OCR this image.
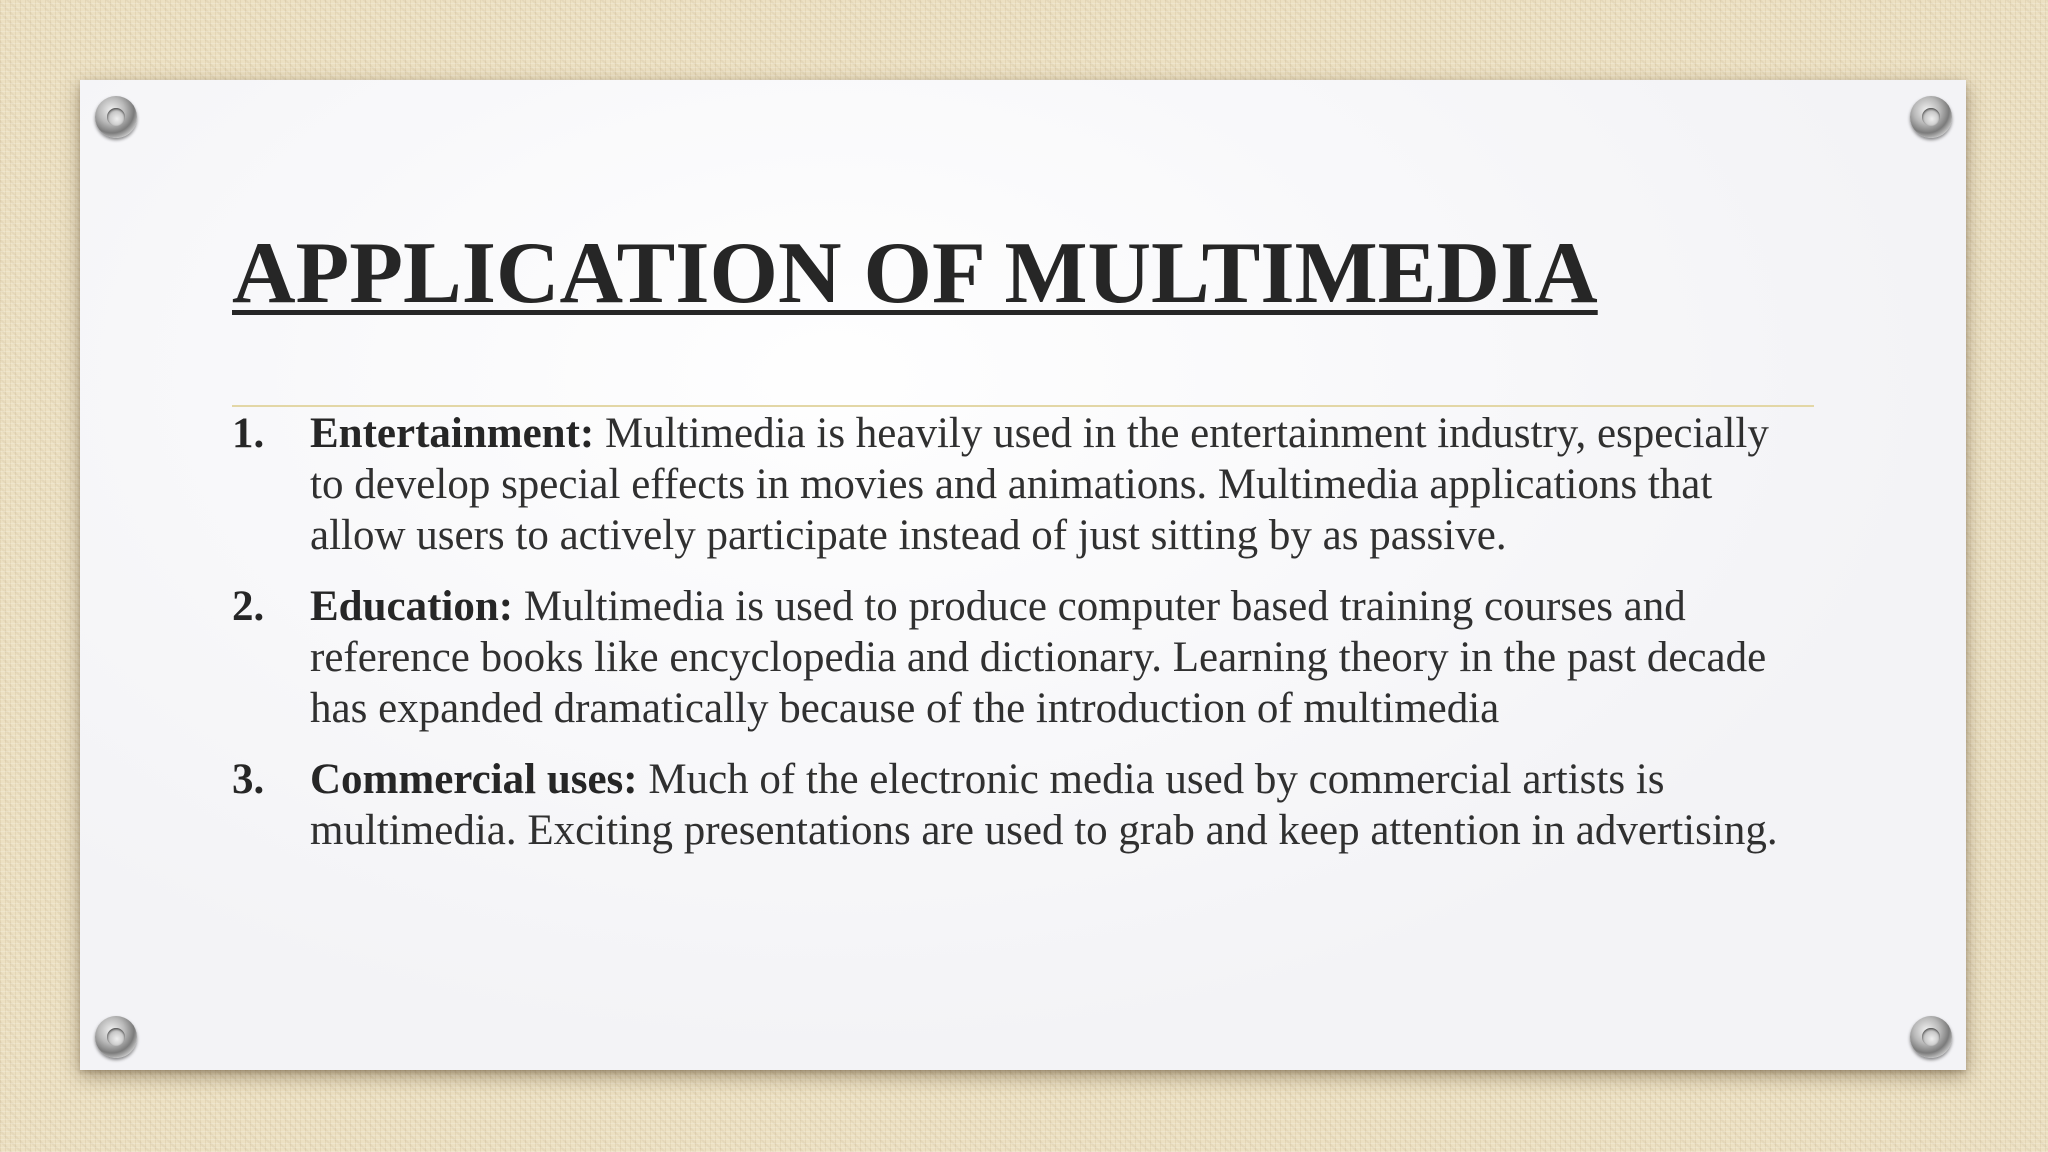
APPLICATION OF MULTIMEDIA
1. Entertainment: Multimedia is heavily used in the entertainment industry, especially to develop special effects in movies and animations. Multimedia applications that allow users to actively participate instead of just sitting by as passive.
2. Education: Multimedia is used to produce computer based training courses and reference books like encyclopedia and dictionary. Learning theory in the past decade has expanded dramatically because of the introduction of multimedia
3. Commercial uses: Much of the electronic media used by commercial artists is multimedia. Exciting presentations are used to grab and keep attention in advertising.
